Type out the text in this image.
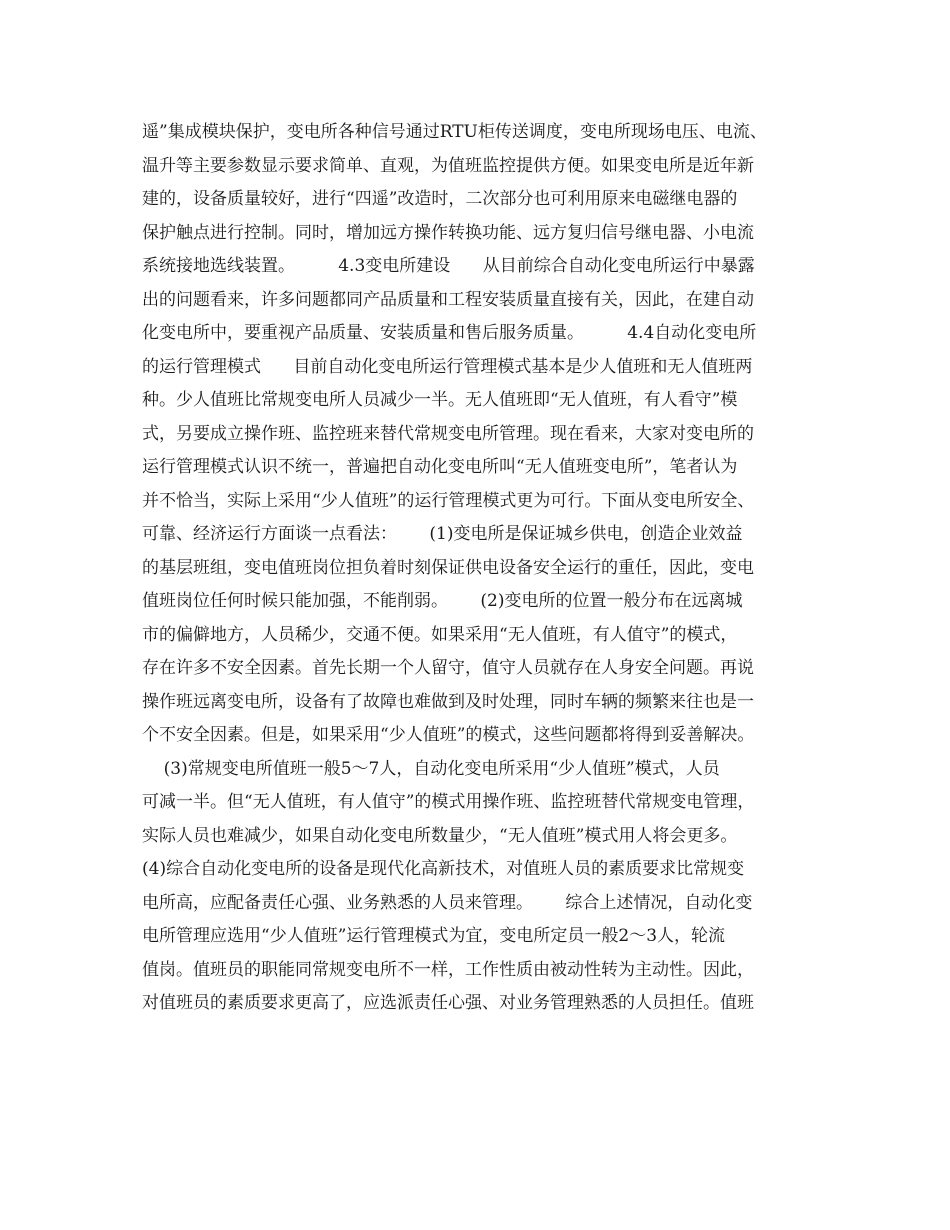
遥”集成模块保护，变电所各种信号通过RTU柜传送调度，变电所现场电压、电流、
温升等主要参数显示要求简单、直观，为值班监控提供方便。如果变电所是近年新
建的，设备质量较好，进行“四遥”改造时，二次部分也可利用原来电磁继电器的
保护触点进行控制。同时，增加远方操作转换功能、远方复归信号继电器、小电流
系统接地选线装置。        4.3变电所建设      从目前综合自动化变电所运行中暴露
出的问题看来，许多问题都同产品质量和工程安装质量直接有关，因此，在建自动
化变电所中，要重视产品质量、安装质量和售后服务质量。        4.4自动化变电所
的运行管理模式      目前自动化变电所运行管理模式基本是少人值班和无人值班两
种。少人值班比常规变电所人员减少一半。无人值班即“无人值班，有人看守”模
式，另要成立操作班、监控班来替代常规变电所管理。现在看来，大家对变电所的
运行管理模式认识不统一，普遍把自动化变电所叫“无人值班变电所”，笔者认为
并不恰当，实际上采用“少人值班”的运行管理模式更为可行。下面从变电所安全、
可靠、经济运行方面谈一点看法：      (1)变电所是保证城乡供电，创造企业效益
的基层班组，变电值班岗位担负着时刻保证供电设备安全运行的重任，因此，变电
值班岗位任何时候只能加强，不能削弱。      (2)变电所的位置一般分布在远离城
市的偏僻地方，人员稀少，交通不便。如果采用“无人值班，有人值守”的模式，
存在许多不安全因素。首先长期一个人留守，值守人员就存在人身安全问题。再说
操作班远离变电所，设备有了故障也难做到及时处理，同时车辆的频繁来往也是一
个不安全因素。但是，如果采用“少人值班”的模式，这些问题都将得到妥善解决。
(3)常规变电所值班一般5～7人，自动化变电所采用“少人值班”模式，人员
可减一半。但“无人值班，有人值守”的模式用操作班、监控班替代常规变电管理，
实际人员也难减少，如果自动化变电所数量少，“无人值班”模式用人将会更多。
(4)综合自动化变电所的设备是现代化高新技术，对值班人员的素质要求比常规变
电所高，应配备责任心强、业务熟悉的人员来管理。      综合上述情况，自动化变
电所管理应选用“少人值班”运行管理模式为宜，变电所定员一般2～3人，轮流
值岗。值班员的职能同常规变电所不一样，工作性质由被动性转为主动性。因此，
对值班员的素质要求更高了，应选派责任心强、对业务管理熟悉的人员担任。值班
